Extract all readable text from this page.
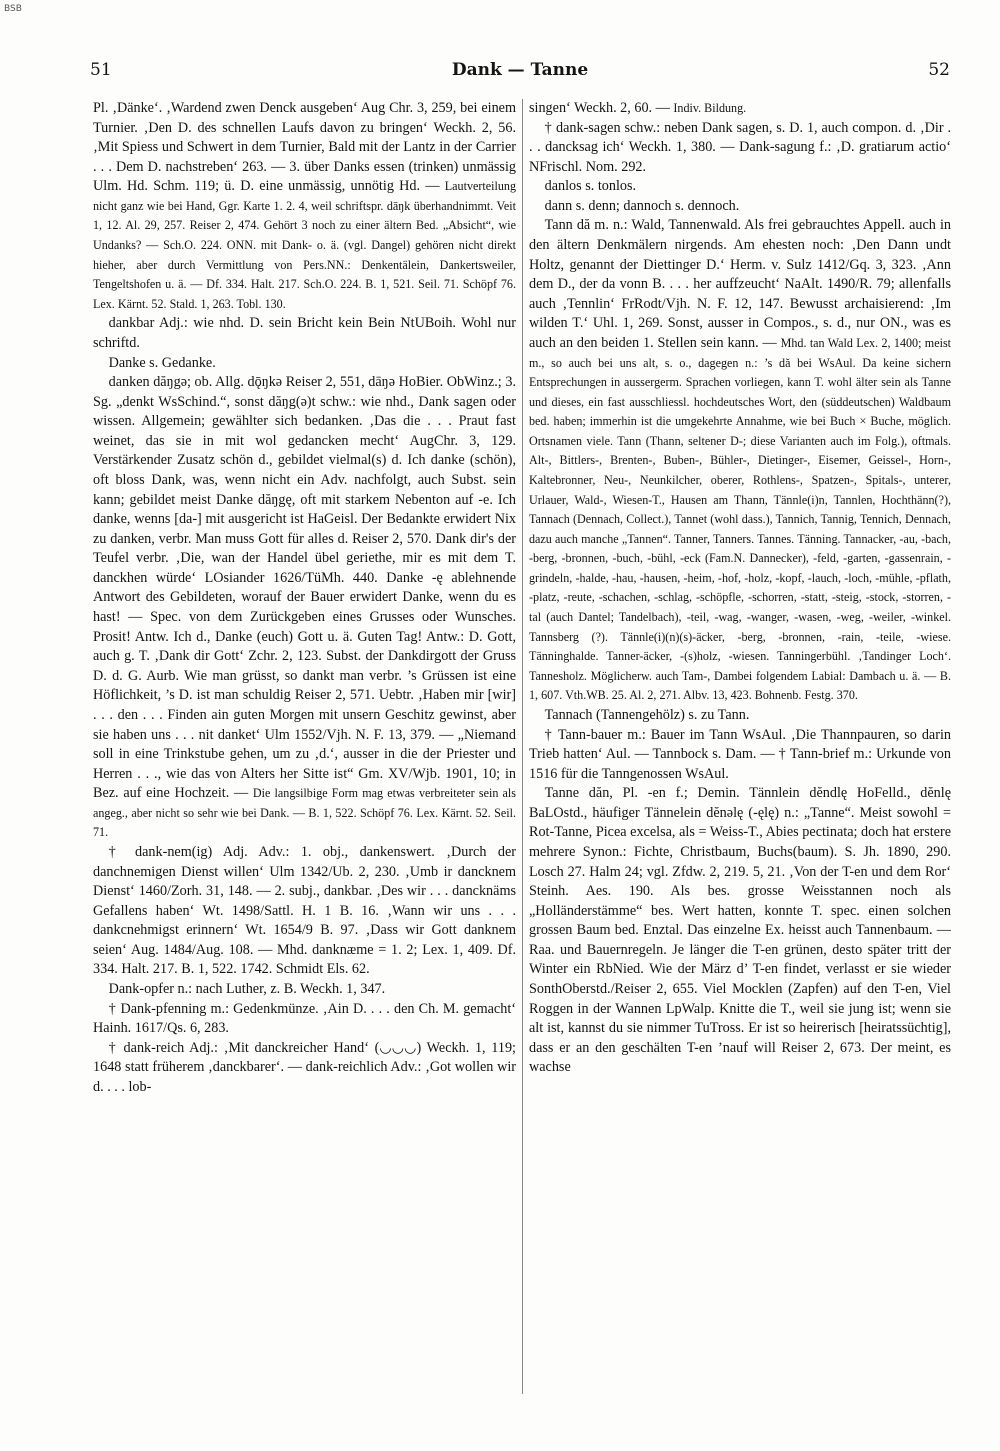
BSB
51	Dank — Tanne	52

Pl. ‚Dänke‘. ‚Wardend zwen Denck ausgeben‘ Aug Chr. 3, 259, bei einem Turnier. ‚Den D. des schnellen Laufs davon zu bringen‘ Weckh. 2, 56. ‚Mit Spiess und Schwert in dem Turnier, Bald mit der Lantz in der Carrier . . . Dem D. nachstreben‘ 263. — 3. über Danks essen (trinken) unmässig Ulm. Hd. Schm. 119; ü. D. eine unmässig, unnötig Hd. — Lautverteilung nicht ganz wie bei Hand, Ggr. Karte 1. 2. 4, weil schriftspr. dāŋk überhandnimmt. Veit 1, 12. Al. 29, 257. Reiser 2, 474. Gehört 3 noch zu einer ältern Bed. „Absicht“, wie Undanks? — Sch.O. 224. ONN. mit Dank- o. ä. (vgl. Dangel) gehören nicht direkt hieher, aber durch Vermittlung von Pers.NN.: Denkentälein, Dankertsweiler, Tengeltshofen u. ä. — Df. 334. Halt. 217. Sch.O. 224. B. 1, 521. Seil. 71. Schöpf 76. Lex. Kärnt. 52. Stald. 1, 263. Tobl. 130.

dankbar Adj.: wie nhd. D. sein Bricht kein Bein NtUBoih. Wohl nur schriftd.

Danke s. Gedanke.

danken dăŋgə; ob. Allg. dǭŋkə Reiser 2, 551, dāŋə HoBier. ObWinz.; 3. Sg. „denkt WsSchind.“, sonst dăŋg(ə)t schw.: wie nhd., Dank sagen oder wissen. Allgemein; gewählter sich bedanken. ‚Das die . . . Praut fast weinet, das sie in mit wol gedancken mecht‘ AugChr. 3, 129. Verstärkender Zusatz schön d., gebildet vielmal(s) d. Ich danke (schön), oft bloss Dank, was, wenn nicht ein Adv. nachfolgt, auch Subst. sein kann; gebildet meist Danke dăŋgę, oft mit starkem Nebenton auf -e. Ich danke, wenns [da-] mit ausgericht ist HaGeisl. Der Bedankte erwidert Nix zu danken, verbr. Man muss Gott für alles d. Reiser 2, 570. Dank dir's der Teufel verbr. ‚Die, wan der Handel übel geriethe, mir es mit dem T. danckhen würde‘ LOsiander 1626/TüMh. 440. Danke -ę ablehnende Antwort des Gebildeten, worauf der Bauer erwidert Danke, wenn du es hast! — Spec. von dem Zurückgeben eines Grusses oder Wunsches. Prosit! Antw. Ich d., Danke (euch) Gott u. ä. Guten Tag! Antw.: D. Gott, auch g. T. ‚Dank dir Gott‘ Zchr. 2, 123. Subst. der Dankdirgott der Gruss D. d. G. Aurb. Wie man grüsst, so dankt man verbr. ’s Grüssen ist eine Höflichkeit, ’s D. ist man schuldig Reiser 2, 571. Uebtr. ‚Haben mir [wir] . . . den . . . Finden ain guten Morgen mit unsern Geschitz gewinst, aber sie haben uns . . . nit danket‘ Ulm 1552/Vjh. N. F. 13, 379. — „Niemand soll in eine Trinkstube gehen, um zu ‚d.‘, ausser in die der Priester und Herren . . ., wie das von Alters her Sitte ist“ Gm. XV/Wjb. 1901, 10; in Bez. auf eine Hochzeit. — Die langsilbige Form mag etwas verbreiteter sein als angeg., aber nicht so sehr wie bei Dank. — B. 1, 522. Schöpf 76. Lex. Kärnt. 52. Seil. 71.

† dank-nem(ig) Adj. Adv.: 1. obj., dankenswert. ‚Durch der danchnemigen Dienst willen‘ Ulm 1342/Ub. 2, 230. ‚Umb ir dancknem Dienst‘ 1460/Zorh. 31, 148. — 2. subj., dankbar. ‚Des wir . . . dancknäms Gefallens haben‘ Wt. 1498/Sattl. H. 1 B. 16. ‚Wann wir uns . . . dankcnehmigst erinnern‘ Wt. 1654/9 B. 97. ‚Dass wir Gott danknem seien‘ Aug. 1484/Aug. 108. — Mhd. danknæme = 1. 2; Lex. 1, 409. Df. 334. Halt. 217. B. 1, 522. 1742. Schmidt Els. 62.

Dank-opfer n.: nach Luther, z. B. Weckh. 1, 347.

† Dank-pfenning m.: Gedenkmünze. ‚Ain D. . . . den Ch. M. gemacht‘ Hainh. 1617/Qs. 6, 283.

† dank-reich Adj.: ‚Mit danckreicher Hand‘ (◡◡◡) Weckh. 1, 119; 1648 statt früherem ‚danckbarer‘. — dank-reichlich Adv.: ‚Got wollen wir d. . . . lob-

singen‘ Weckh. 2, 60. — Indiv. Bildung.

† dank-sagen schw.: neben Dank sagen, s. D. 1, auch compon. d. ‚Dir . . . dancksag ich‘ Weckh. 1, 380. — Dank-sagung f.: ‚D. gratiarum actio‘ NFrischl. Nom. 292.

danlos s. tonlos.

dann s. denn; dannoch s. dennoch.

Tann dă m. n.: Wald, Tannenwald. Als frei gebrauchtes Appell. auch in den ältern Denkmälern nirgends. Am ehesten noch: ‚Den Dann undt Holtz, genannt der Diettinger D.‘ Herm. v. Sulz 1412/Gq. 3, 323. ‚Ann dem D., der da vonn B. . . . her auffzeucht‘ NaAlt. 1490/R. 79; allenfalls auch ‚Tennlin‘ FrRodt/Vjh. N. F. 12, 147. Bewusst archaisierend: ‚Im wilden T.‘ Uhl. 1, 269. Sonst, ausser in Compos., s. d., nur ON., was es auch an den beiden 1. Stellen sein kann. — Mhd. tan Wald Lex. 2, 1400; meist m., so auch bei uns alt, s. o., dagegen n.: ’s dă bei WsAul. Da keine sichern Entsprechungen in aussergerm. Sprachen vorliegen, kann T. wohl älter sein als Tanne und dieses, ein fast ausschliessl. hochdeutsches Wort, den (süddeutschen) Waldbaum bed. haben; immerhin ist die umgekehrte Annahme, wie bei Buch × Buche, möglich. Ortsnamen viele. Tann (Thann, seltener D-; diese Varianten auch im Folg.), oftmals. Alt-, Bittlers-, Brenten-, Buben-, Bühler-, Dietinger-, Eisemer, Geissel-, Horn-, Kaltebronner, Neu-, Neunkilcher, oberer, Rothlens-, Spatzen-, Spitals-, unterer, Urlauer, Wald-, Wiesen-T., Hausen am Thann, Tännle(i)n, Tannlen, Hochthänn(?), Tannach (Dennach, Collect.), Tannet (wohl dass.), Tannich, Tannig, Tennich, Dennach, dazu auch manche „Tannen“. Tanner, Tanners. Tannes. Tänning. Tannacker, -au, -bach, -berg, -bronnen, -buch, -bühl, -eck (Fam.N. Dannecker), -feld, -garten, -gassenrain, -grindeln, -halde, -hau, -hausen, -heim, -hof, -holz, -kopf, -lauch, -loch, -mühle, -pflath, -platz, -reute, -schachen, -schlag, -schöpfle, -schorren, -statt, -steig, -stock, -storren, -tal (auch Dantel; Tandelbach), -teil, -wag, -wanger, -wasen, -weg, -weiler, -winkel. Tannsberg (?). Tännle(i)(n)(s)-äcker, -berg, -bronnen, -rain, -teile, -wiese. Tänninghalde. Tanner-äcker, -(s)holz, -wiesen. Tanningerbühl. ‚Tandinger Loch‘. Tannesholz. Möglicherw. auch Tam-, Dambei folgendem Labial: Dambach u. ä. — B. 1, 607. Vth.WB. 25. Al. 2, 271. Albv. 13, 423. Bohnenb. Festg. 370.

Tannach (Tannengehölz) s. zu Tann.

† Tann-bauer m.: Bauer im Tann WsAul. ‚Die Thannpauren, so darin Trieb hatten‘ Aul. — Tannbock s. Dam. — † Tann-brief m.: Urkunde von 1516 für die Tanngenossen WsAul.

Tanne dăn, Pl. -en f.; Demin. Tännlein dĕndlę HoFelld., dĕnlę BaLOstd., häufiger Tännelein dĕnəlę (-ęlę) n.: „Tanne“. Meist sowohl = Rot-Tanne, Picea excelsa, als = Weiss-T., Abies pectinata; doch hat erstere mehrere Synon.: Fichte, Christbaum, Buchs(baum). S. Jh. 1890, 290. Losch 27. Halm 24; vgl. Zfdw. 2, 219. 5, 21. ‚Von der T-en und dem Ror‘ Steinh. Aes. 190. Als bes. grosse Weisstannen noch als „Holländerstämme“ bes. Wert hatten, konnte T. spec. einen solchen grossen Baum bed. Enztal. Das einzelne Ex. heisst auch Tannenbaum. — Raa. und Bauernregeln. Je länger die T-en grünen, desto später tritt der Winter ein RbNied. Wie der März d’ T-en findet, verlasst er sie wieder SonthOberstd./Reiser 2, 655. Viel Mocklen (Zapfen) auf den T-en, Viel Roggen in der Wannen LpWalp. Knitte die T., weil sie jung ist; wenn sie alt ist, kannst du sie nimmer TuTross. Er ist so heirerisch [heiratssüchtig], dass er an den geschälten T-en ’nauf will Reiser 2, 673. Der meint, es wachse
